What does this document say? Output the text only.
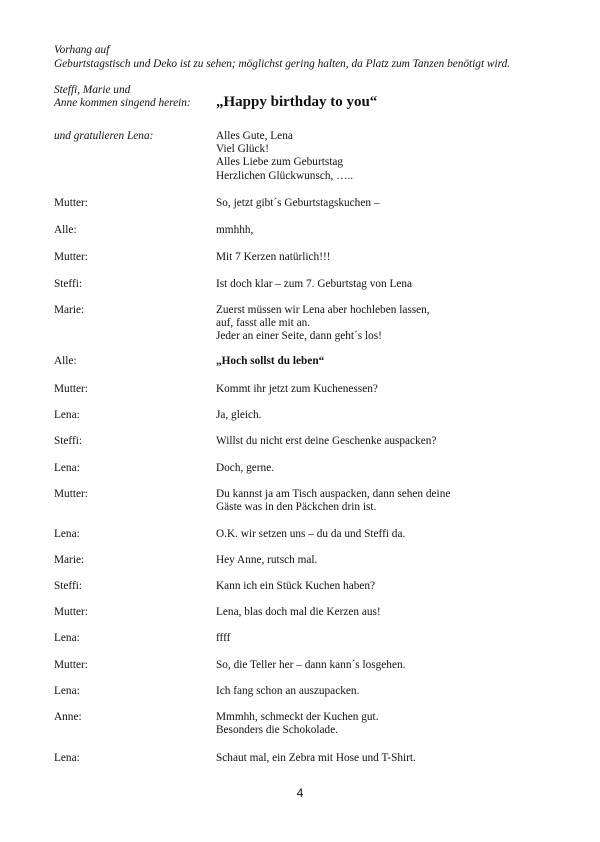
Vorhang auf
Geburtstagstisch und Deko ist zu sehen; möglichst gering halten, da Platz zum Tanzen benötigt wird.
Steffi, Marie und
Anne kommen singend herein:	„Happy birthday to you“
und gratulieren Lena:	Alles Gute, Lena
Viel Glück!
Alles Liebe zum Geburtstag
Herzlichen Glückwunsch, …..
Mutter:	So, jetzt gibt´s Geburtstagskuchen –
Alle:	mmhhh,
Mutter:	Mit 7 Kerzen natürlich!!!
Steffi:	Ist doch klar – zum 7. Geburtstag von Lena
Marie:	Zuerst müssen wir Lena aber hochleben lassen,
auf, fasst alle mit an.
Jeder an einer Seite, dann geht´s los!
Alle:	„Hoch sollst du leben“
Mutter:	Kommt ihr jetzt zum Kuchenessen?
Lena:	Ja, gleich.
Steffi:	Willst du nicht erst deine Geschenke auspacken?
Lena:	Doch, gerne.
Mutter:	Du kannst ja am Tisch auspacken, dann sehen deine
Gäste was in den Päckchen drin ist.
Lena:	O.K. wir setzen uns – du da und Steffi da.
Marie:	Hey Anne, rutsch mal.
Steffi:	Kann ich ein Stück Kuchen haben?
Mutter:	Lena, blas doch mal die Kerzen aus!
Lena:	ffff
Mutter:	So, die Teller her – dann kann´s losgehen.
Lena:	Ich fang schon an auszupacken.
Anne:	Mmmhh, schmeckt der Kuchen gut.
Besonders die Schokolade.
Lena:	Schaut mal, ein Zebra mit Hose und T-Shirt.
4
